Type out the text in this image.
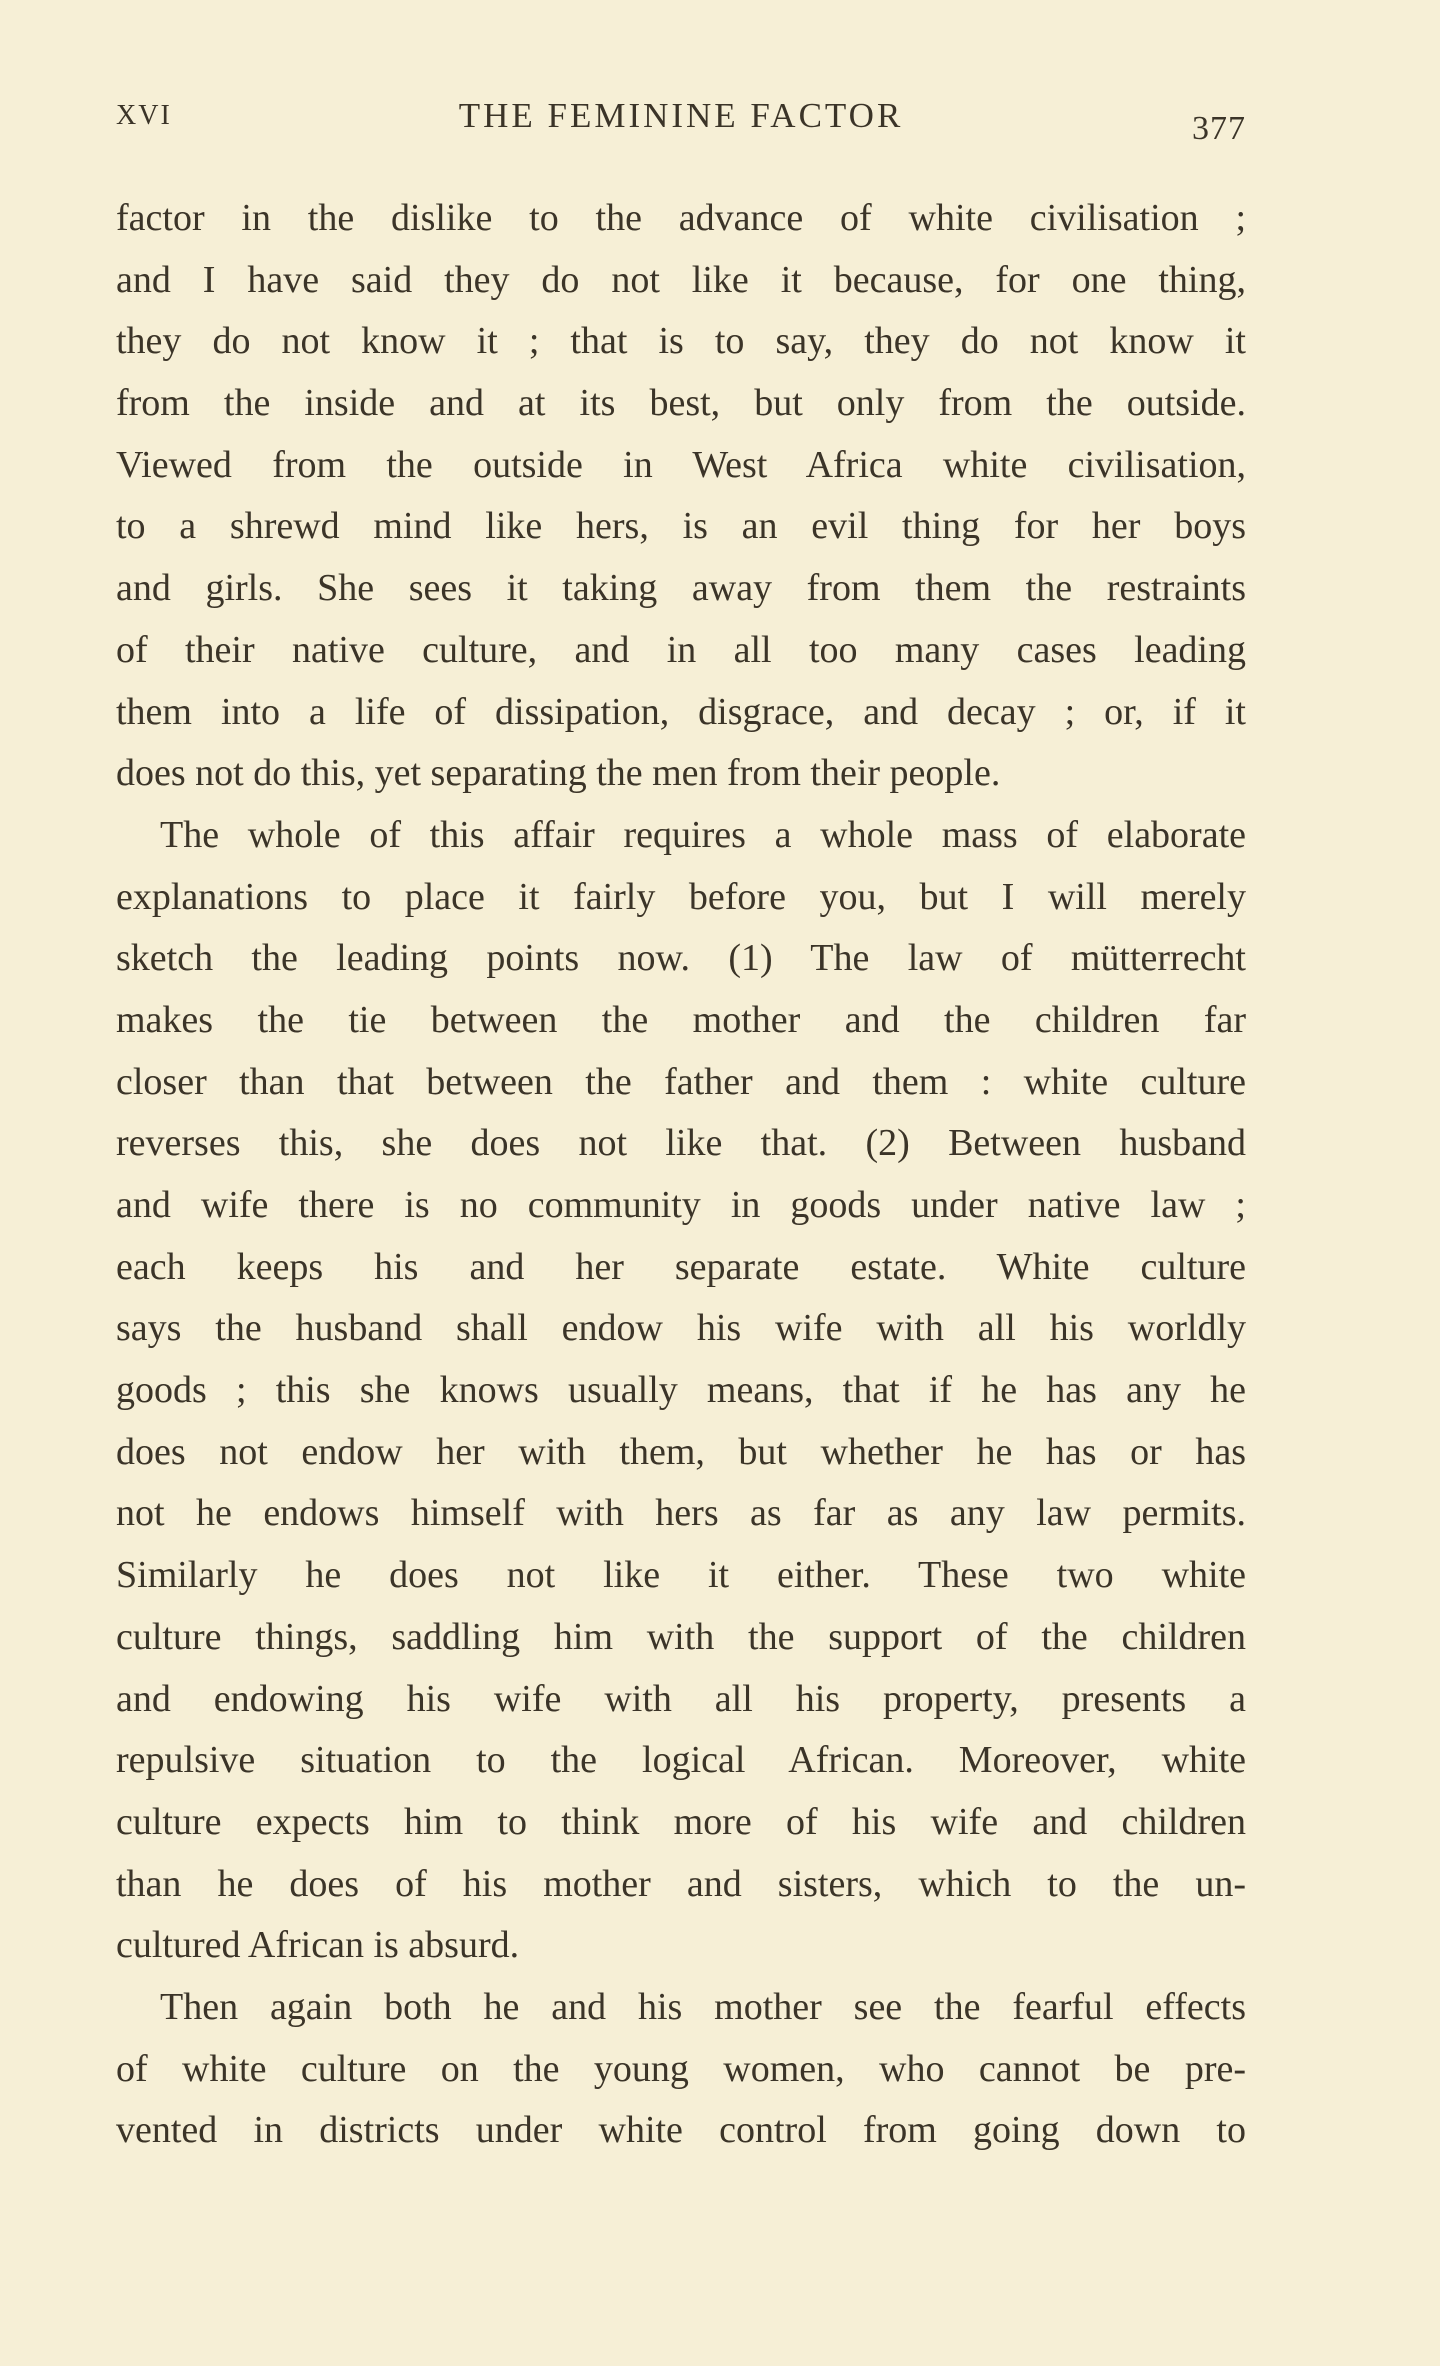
XVI	THE FEMININE FACTOR	377
factor in the dislike to the advance of white civilisation ;
and I have said they do not like it because, for one thing,
they do not know it ; that is to say, they do not know it
from the inside and at its best, but only from the outside.
Viewed from the outside in West Africa white civilisation,
to a shrewd mind like hers, is an evil thing for her boys
and girls. She sees it taking away from them the restraints
of their native culture, and in all too many cases leading
them into a life of dissipation, disgrace, and decay ; or, if it
does not do this, yet separating the men from their people.
The whole of this affair requires a whole mass of elaborate
explanations to place it fairly before you, but I will merely
sketch the leading points now. (1) The law of mütterrecht
makes the tie between the mother and the children far
closer than that between the father and them : white culture
reverses this, she does not like that. (2) Between husband
and wife there is no community in goods under native law ;
each keeps his and her separate estate. White culture
says the husband shall endow his wife with all his worldly
goods ; this she knows usually means, that if he has any he
does not endow her with them, but whether he has or has
not he endows himself with hers as far as any law permits.
Similarly he does not like it either. These two white
culture things, saddling him with the support of the children
and endowing his wife with all his property, presents a
repulsive situation to the logical African. Moreover, white
culture expects him to think more of his wife and children
than he does of his mother and sisters, which to the un-
cultured African is absurd.
Then again both he and his mother see the fearful effects
of white culture on the young women, who cannot be pre-
vented in districts under white control from going down to
